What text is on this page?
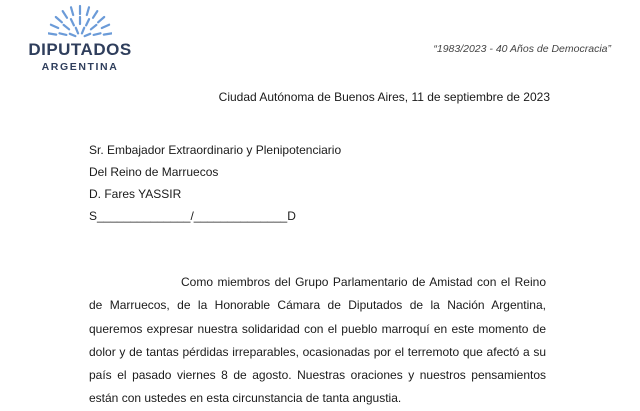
DIPUTADOS
ARGENTINA
“1983/2023 - 40 Años de Democracia”
Ciudad Autónoma de Buenos Aires, 11 de septiembre de 2023
Sr. Embajador Extraordinario y Plenipotenciario
Del Reino de Marruecos
D. Fares YASSIR
S______________/______________D
Como miembros del Grupo Parlamentario de Amistad con el Reino de Marruecos, de la Honorable Cámara de Diputados de la Nación Argentina, queremos expresar nuestra solidaridad con el pueblo marroquí en este momento de dolor y de tantas pérdidas irreparables, ocasionadas por el terremoto que afectó a su país el pasado viernes 8 de agosto. Nuestras oraciones y nuestros pensamientos están con ustedes en esta circunstancia de tanta angustia.
